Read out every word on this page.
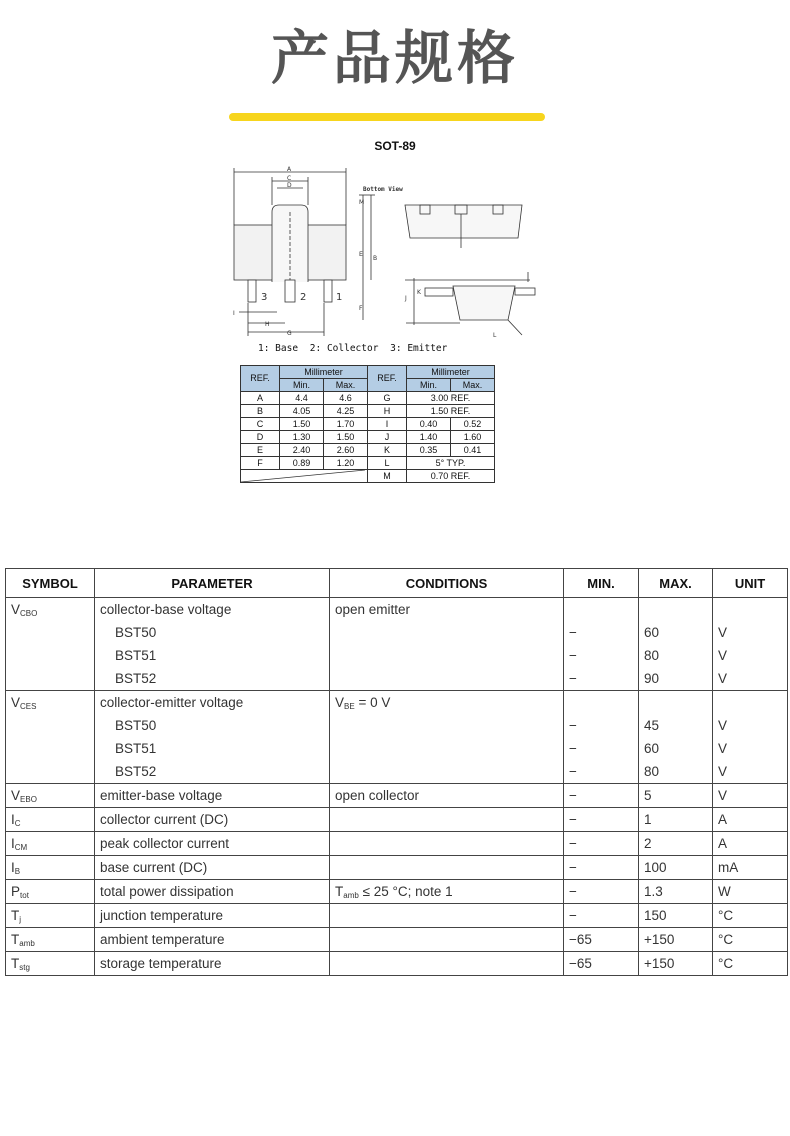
产品规格
SOT-89
A
C
D
M
E
B
F
I
H
G
J
K
L
Bottom View
3	2	1
1: Base 2: Collector 3: Emitter
REF.	Millimeter		REF.	Millimeter	
	Min.	Max.		Min.	Max.
A	4.4	4.6	G	3.00 REF.	
B	4.05	4.25	H	1.50 REF.	
C	1.50	1.70	I	0.40	0.52
D	1.30	1.50	J	1.40	1.60
E	2.40	2.60	K	0.35	0.41
F	0.89	1.20	L	5° TYP.	

	M	0.70 REF.	
SYMBOL	PARAMETER	CONDITIONS	MIN.	MAX.	UNIT
$V_{CBO}$	collector-base voltage	open emitter			
	BST50		−	60	V
	BST51		−	80	V
	BST52		−	90	V
$V_{CES}$	collector-emitter voltage	$V_{BE} = 0$ V			
	BST50		−	45	V
	BST51		−	60	V
	BST52		−	80	V
$V_{EBO}$	emitter-base voltage	open collector	−	5	V
$I_C$	collector current (DC)		−	1	A
$I_{CM}$	peak collector current		−	2	A
$I_B$	base current (DC)		−	100	mA
$P_{tot}$	total power dissipation	$T_{amb} \le 25$ °C; note 1	−	1.3	W
$T_j$	junction temperature		−	150	°C
$T_{amb}$	ambient temperature		−65	+150	°C
$T_{stg}$	storage temperature		−65	+150	°C
